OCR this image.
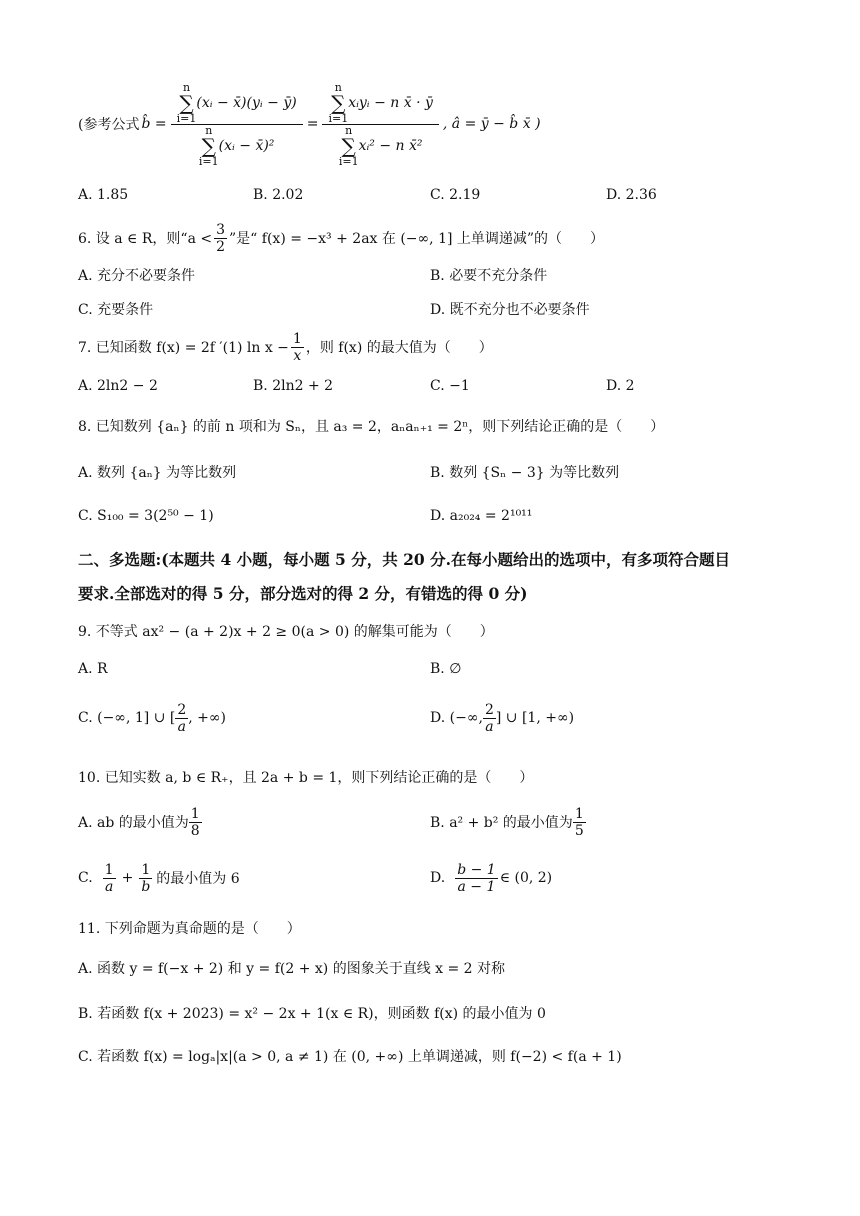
(参考公式 b̂ = n
∑
i=1
(xᵢ − x̄)(yᵢ − ȳ)
n
∑
i=1
(xᵢ − x̄)² = n
∑
i=1
xᵢyᵢ − n x̄ · ȳ
n
∑
i=1
xᵢ² − n x̄² , â = ȳ − b̂ x̄ )
A. 1.85	B. 2.02	C. 2.19	D. 2.36
6. 设 a ∈ R，则“$a < \frac{3}{2}$ ”是“ f(x) = −x³ + 2ax 在 (−∞, 1] 上单调递减”的（　　）
A. 充分不必要条件	B. 必要不充分条件
C. 充要条件	D. 既不充分也不必要条件
7. 已知函数 f(x) = 2f ′(1) $\ln x - \frac{1}{x}$ ，则 f(x) 的最大值为（　　）
A. 2ln2 − 2	B. 2ln2 + 2	C. −1	D. 2
8. 已知数列 {aₙ} 的前 n 项和为 Sₙ，且 a₃ = 2，aₙaₙ₊₁ = 2ⁿ，则下列结论正确的是（　　）
A. 数列 {aₙ} 为等比数列	B. 数列 {Sₙ − 3} 为等比数列
C. S₁₀₀ = 3(2⁵⁰ − 1)	D. a₂₀₂₄ = 2¹⁰¹¹
二、多选题:(本题共 4 小题，每小题 5 分，共 20 分.在每小题给出的选项中，有多项符合题目
要求.全部选对的得 5 分，部分选对的得 2 分，有错选的得 0 分)
9. 不等式 ax² − (a + 2)x + 2 ≥ 0(a > 0) 的解集可能为（　　）
A. R	B. ∅
C. (−∞, 1] ∪ [ $\frac{2}{a}$ , +∞)	D. (−∞, $\frac{2}{a}$ ] ∪ [1, +∞)
10. 已知实数 a, b ∈ R₊，且 2a + b = 1，则下列结论正确的是（　　）
A. ab 的最小值为 $\frac{1}{8}$	B. a² + b² 的最小值为 $\frac{1}{5}$
C. $\frac{1}{a} + \frac{1}{b}$ 的最小值为 6	D. $\frac{b - 1}{a - 1}$ ∈ (0, 2)
11. 下列命题为真命题的是（　　）
A. 函数 y = f(−x + 2) 和 y = f(2 + x) 的图象关于直线 x = 2 对称
B. 若函数 f(x + 2023) = x² − 2x + 1(x ∈ R)，则函数 f(x) 的最小值为 0
C. 若函数 f(x) = logₐ|x|(a > 0, a ≠ 1) 在 (0, +∞) 上单调递减，则 f(−2) < f(a + 1)
